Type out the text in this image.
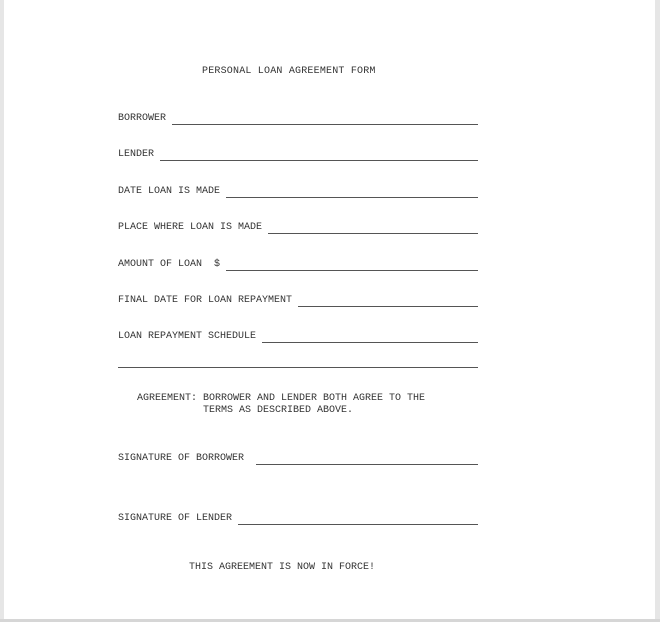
PERSONAL LOAN AGREEMENT FORM
BORROWER
LENDER
DATE LOAN IS MADE
PLACE WHERE LOAN IS MADE
AMOUNT OF LOAN  $
FINAL DATE FOR LOAN REPAYMENT
LOAN REPAYMENT SCHEDULE
AGREEMENT: BORROWER AND LENDER BOTH AGREE TO THE
TERMS AS DESCRIBED ABOVE.
SIGNATURE OF BORROWER
SIGNATURE OF LENDER
THIS AGREEMENT IS NOW IN FORCE!
